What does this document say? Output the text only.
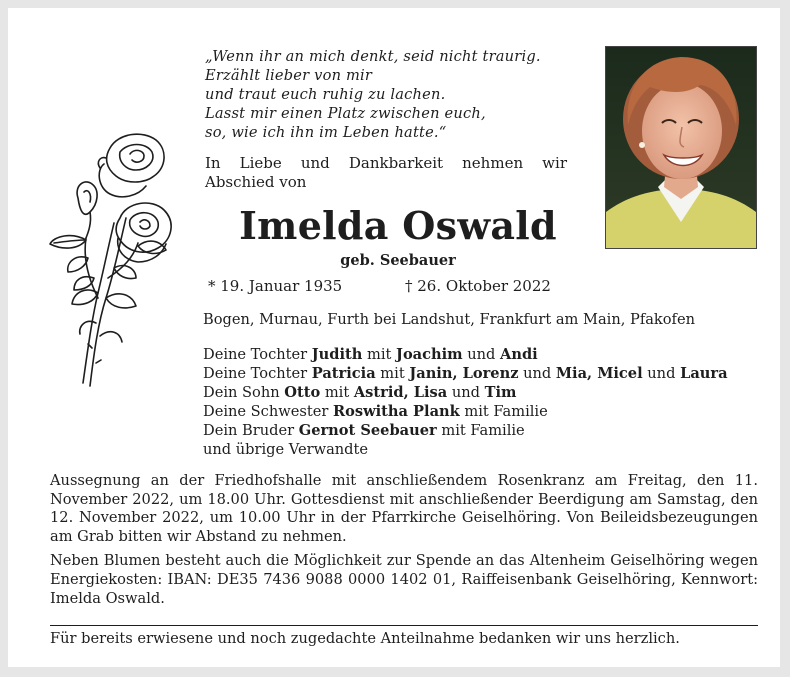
„Wenn ihr an mich denkt, seid nicht traurig.
Erzählt lieber von mir
und traut euch ruhig zu lachen.
Lasst mir einen Platz zwischen euch,
so, wie ich ihn im Leben hatte.“
In Liebe und Dankbarkeit nehmen wir Abschied von
Imelda Oswald
geb. Seebauer
* 19. Januar 1935	† 26. Oktober 2022
Bogen, Murnau, Furth bei Landshut, Frankfurt am Main, Pfakofen
Deine Tochter Judith mit Joachim und Andi
Deine Tochter Patricia mit Janin, Lorenz und Mia, Micel und Laura
Dein Sohn Otto mit Astrid, Lisa und Tim
Deine Schwester Roswitha Plank mit Familie
Dein Bruder Gernot Seebauer mit Familie
und übrige Verwandte

Aussegnung an der Friedhofshalle mit anschließendem Rosenkranz am Freitag, den 11. November 2022, um 18.00 Uhr. Gottesdienst mit anschließender Beerdigung am Samstag, den 12. November 2022, um 10.00 Uhr in der Pfarrkirche Geiselhöring. Von Beileidsbezeugungen am Grab bitten wir Abstand zu nehmen.

Neben Blumen besteht auch die Möglichkeit zur Spende an das Altenheim Geiselhöring wegen Energiekosten: IBAN: DE35 7436 9088 0000 1402 01, Raiffeisenbank Geiselhöring, Kennwort: Imelda Oswald.

Für bereits erwiesene und noch zugedachte Anteilnahme bedanken wir uns herzlich.
